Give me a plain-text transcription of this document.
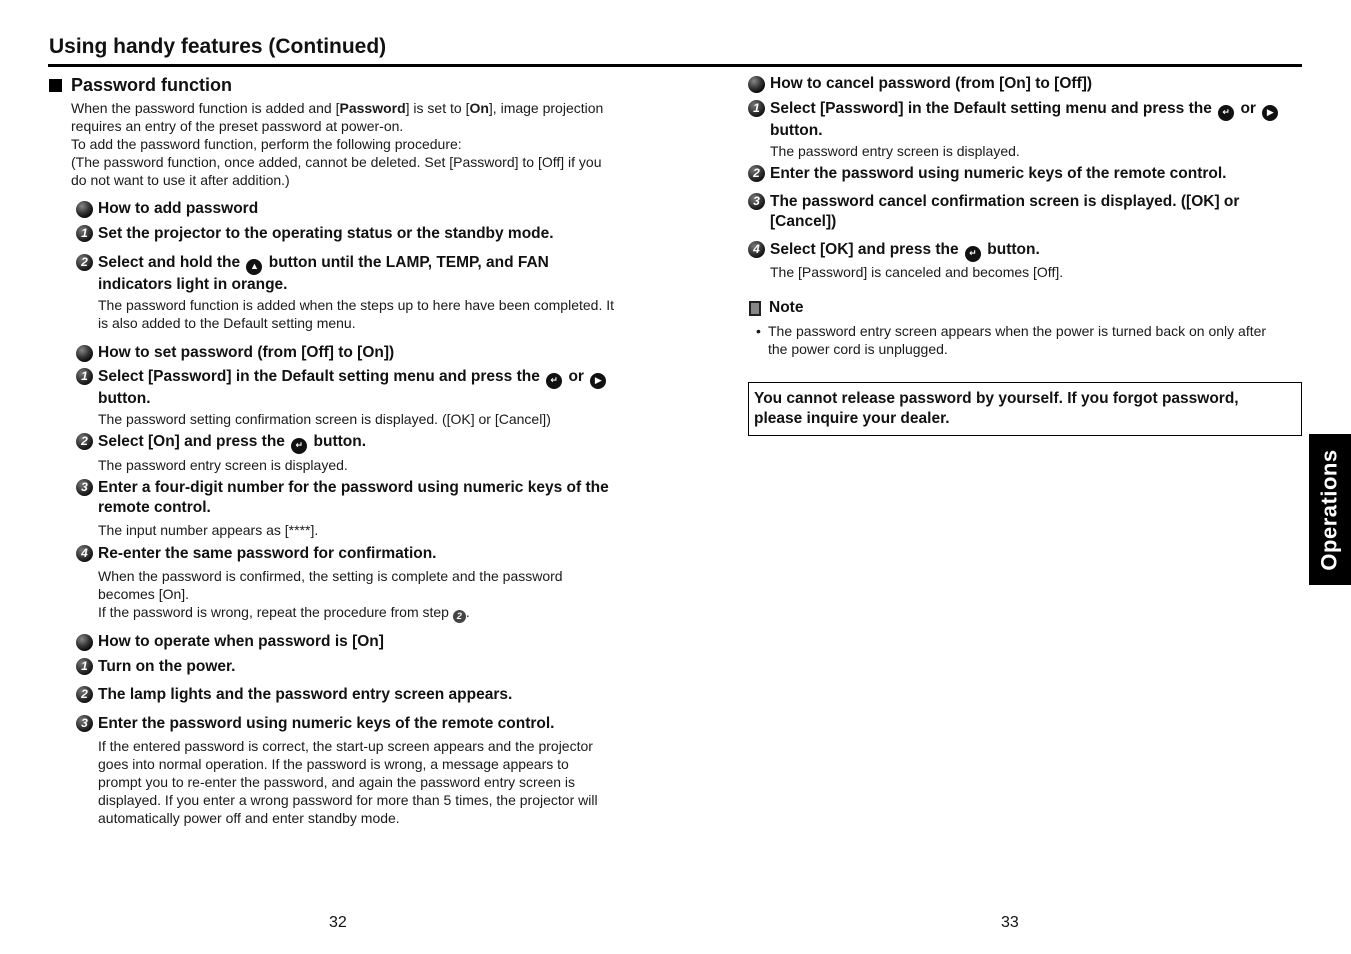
Using handy features (Continued)
Password function
When the password function is added and [Password] is set to [On], image projection
requires an entry of the preset password at power-on.
To add the password function, perform the following procedure:
(The password function, once added, cannot be deleted. Set [Password] to [Off] if you
do not want to use it after addition.)
How to add password
1 Set the projector to the operating status or the standby mode.
2 Select and hold the ▲ button until the LAMP, TEMP, and FAN
indicators light in orange.
The password function is added when the steps up to here have been completed. It
is also added to the Default setting menu.
How to set password (from [Off] to [On])
1 Select [Password] in the Default setting menu and press the ↵ or ▶
button.
The password setting confirmation screen is displayed. ([OK] or [Cancel])
2 Select [On] and press the ↵ button.
The password entry screen is displayed.
3 Enter a four-digit number for the password using numeric keys of the
remote control.
The input number appears as [****].
4 Re-enter the same password for confirmation.
When the password is confirmed, the setting is complete and the password
becomes [On].
If the password is wrong, repeat the procedure from step 2 .
How to operate when password is [On]
1 Turn on the power.
2 The lamp lights and the password entry screen appears.
3 Enter the password using numeric keys of the remote control.
If the entered password is correct, the start-up screen appears and the projector
goes into normal operation. If the password is wrong, a message appears to
prompt you to re-enter the password, and again the password entry screen is
displayed. If you enter a wrong password for more than 5 times, the projector will
automatically power off and enter standby mode.
32
How to cancel password (from [On] to [Off])
1 Select [Password] in the Default setting menu and press the ↵ or ▶
button.
The password entry screen is displayed.
2 Enter the password using numeric keys of the remote control.
3 The password cancel confirmation screen is displayed. ([OK] or
[Cancel])
4 Select [OK] and press the ↵ button.
The [Password] is canceled and becomes [Off].
Note
• The password entry screen appears when the power is turned back on only after
the power cord is unplugged.
You cannot release password by yourself. If you forgot password,
please inquire your dealer.
33
Operations
